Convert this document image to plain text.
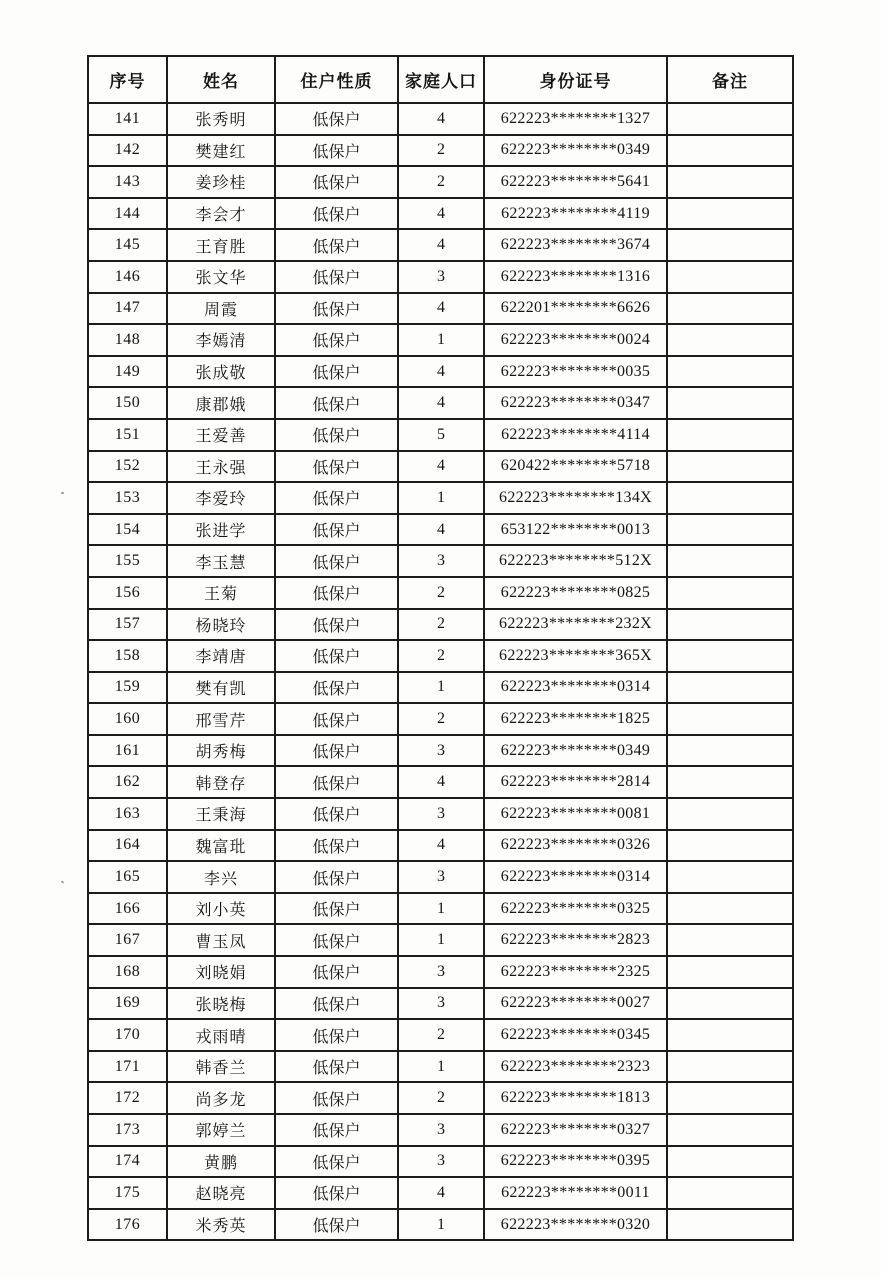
序号	姓名	住户性质	家庭人口	身份证号	备注
141	张秀明	低保户	4	622223********1327	
142	樊建红	低保户	2	622223********0349	
143	姜珍桂	低保户	2	622223********5641	
144	李会才	低保户	4	622223********4119	
145	王育胜	低保户	4	622223********3674	
146	张文华	低保户	3	622223********1316	
147	周霞	低保户	4	622201********6626	
148	李嫣清	低保户	1	622223********0024	
149	张成敬	低保户	4	622223********0035	
150	康郡娥	低保户	4	622223********0347	
151	王爱善	低保户	5	622223********4114	
152	王永强	低保户	4	620422********5718	
153	李爱玲	低保户	1	622223********134X	
154	张进学	低保户	4	653122********0013	
155	李玉慧	低保户	3	622223********512X	
156	王菊	低保户	2	622223********0825	
157	杨晓玲	低保户	2	622223********232X	
158	李靖唐	低保户	2	622223********365X	
159	樊有凯	低保户	1	622223********0314	
160	邢雪芹	低保户	2	622223********1825	
161	胡秀梅	低保户	3	622223********0349	
162	韩登存	低保户	4	622223********2814	
163	王秉海	低保户	3	622223********0081	
164	魏富玭	低保户	4	622223********0326	
165	李兴	低保户	3	622223********0314	
166	刘小英	低保户	1	622223********0325	
167	曹玉凤	低保户	1	622223********2823	
168	刘晓娟	低保户	3	622223********2325	
169	张晓梅	低保户	3	622223********0027	
170	戎雨晴	低保户	2	622223********0345	
171	韩香兰	低保户	1	622223********2323	
172	尚多龙	低保户	2	622223********1813	
173	郭婷兰	低保户	3	622223********0327	
174	黄鹏	低保户	3	622223********0395	
175	赵晓亮	低保户	4	622223********0011	
176	米秀英	低保户	1	622223********0320	
